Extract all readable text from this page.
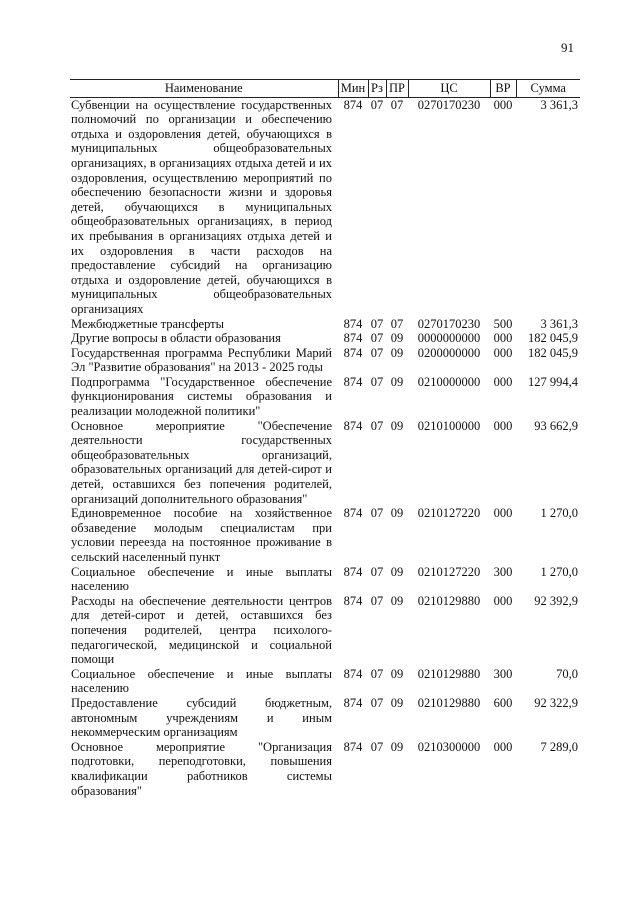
91
Наименование	Мин	Рз	ПР	ЦС	ВР	Сумма
Субвенции на осуществление государственных полномочий по организации и обеспечению отдыха и оздоровления детей, обучающихся в муниципальных общеобразовательных организациях, в организациях отдыха детей и их оздоровления, осуществлению мероприятий по обеспечению безопасности жизни и здоровья детей, обучающихся в муниципальных общеобразовательных организациях, в период их пребывания в организациях отдыха детей и их оздоровления в части расходов на предоставление субсидий на организацию отдыха и оздоровление детей, обучающихся в муниципальных общеобразовательных организациях	874	07	07	0270170230	000	3 361,3
Межбюджетные трансферты	874	07	07	0270170230	500	3 361,3
Другие вопросы в области образования	874	07	09	0000000000	000	182 045,9
Государственная программа Республики Марий Эл "Развитие образования" на 2013 - 2025 годы	874	07	09	0200000000	000	182 045,9
Подпрограмма "Государственное обеспечение функционирования системы образования и реализации молодежной политики"	874	07	09	0210000000	000	127 994,4
Основное мероприятие "Обеспечение деятельности государственных общеобразовательных организаций, образовательных организаций для детей-сирот и детей, оставшихся без попечения родителей, организаций дополнительного образования"	874	07	09	0210100000	000	93 662,9
Единовременное пособие на хозяйственное обзаведение молодым специалистам при условии переезда на постоянное проживание в сельский населенный пункт	874	07	09	0210127220	000	1 270,0
Социальное обеспечение и иные выплаты населению	874	07	09	0210127220	300	1 270,0
Расходы на обеспечение деятельности центров для детей-сирот и детей, оставшихся без попечения родителей, центра психолого-педагогической, медицинской и социальной помощи	874	07	09	0210129880	000	92 392,9
Социальное обеспечение и иные выплаты населению	874	07	09	0210129880	300	70,0
Предоставление субсидий бюджетным, автономным учреждениям и иным некоммерческим организациям	874	07	09	0210129880	600	92 322,9
Основное мероприятие "Организация подготовки, переподготовки, повышения квалификации работников системы образования"	874	07	09	0210300000	000	7 289,0
